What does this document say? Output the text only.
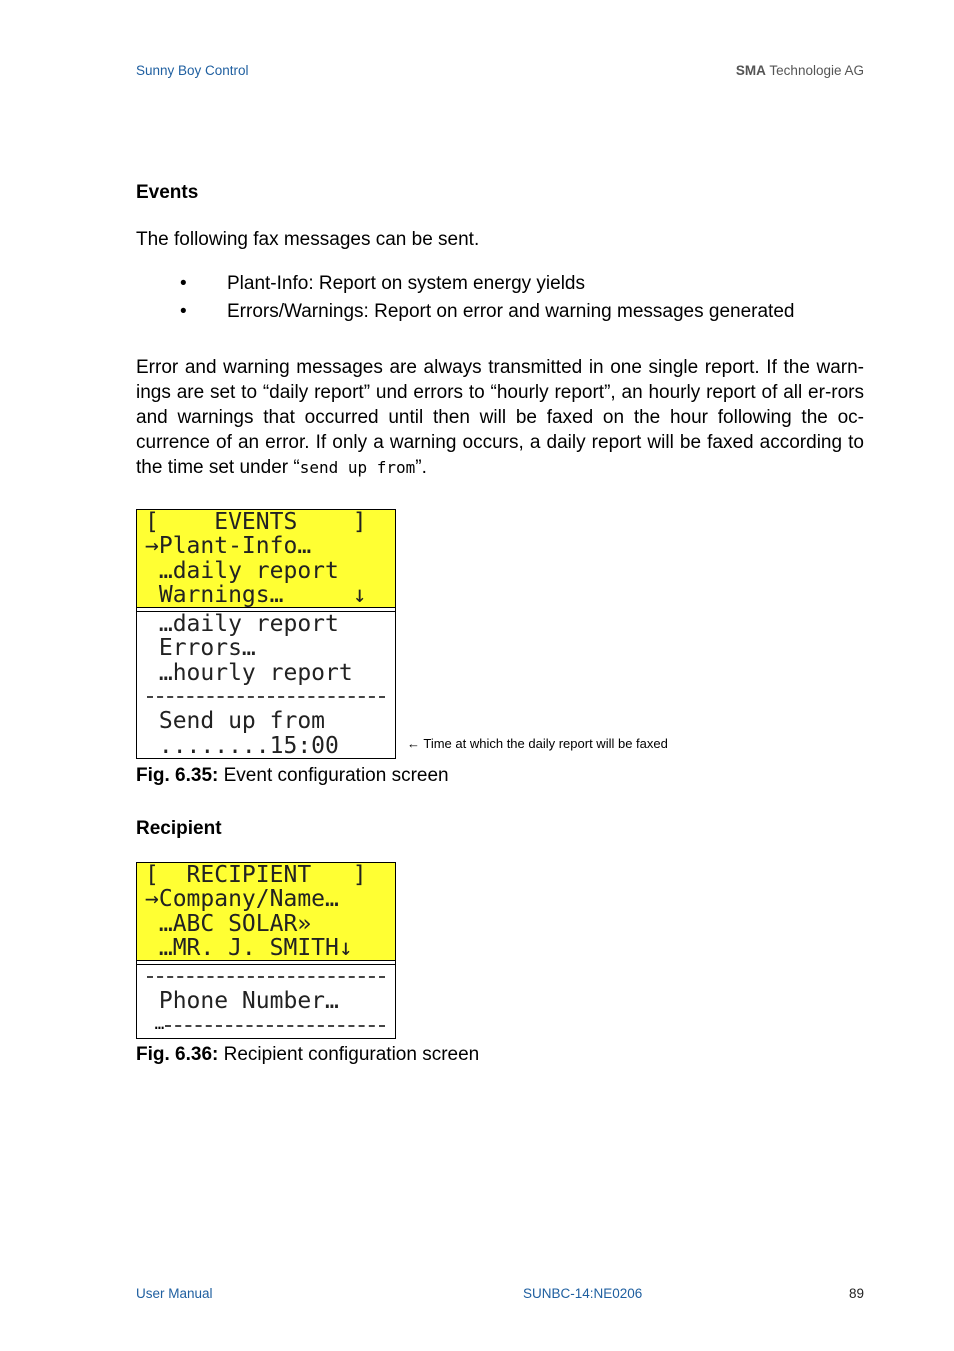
Sunny Boy Control	SMA Technologie AG
Events
The following fax messages can be sent.
• Plant-Info: Report on system energy yields
• Errors/Warnings: Report on error and warning messages generated
Error and warning messages are always transmitted in one single report. If the warn-ings are set to “daily report” und errors to “hourly report”, an hourly report of all er-rors and warnings that occurred until then will be faxed on the hour following the oc-currence of an error. If only a warning occurs, a daily report will be faxed according to the time set under “send up from”.
[    EVENTS    ]
→Plant-Info…
…daily report
Warnings…     ↓
…daily report
Errors…
…hourly report
Send up from
........15:00	← Time at which the daily report will be faxed
Fig. 6.35: Event configuration screen
Recipient
[  RECIPIENT   ]
→Company/Name…
…ABC SOLAR»
…MR. J. SMITH↓
Phone Number…
…
Fig. 6.36: Recipient configuration screen
User Manual	SUNBC-14:NE0206	89
